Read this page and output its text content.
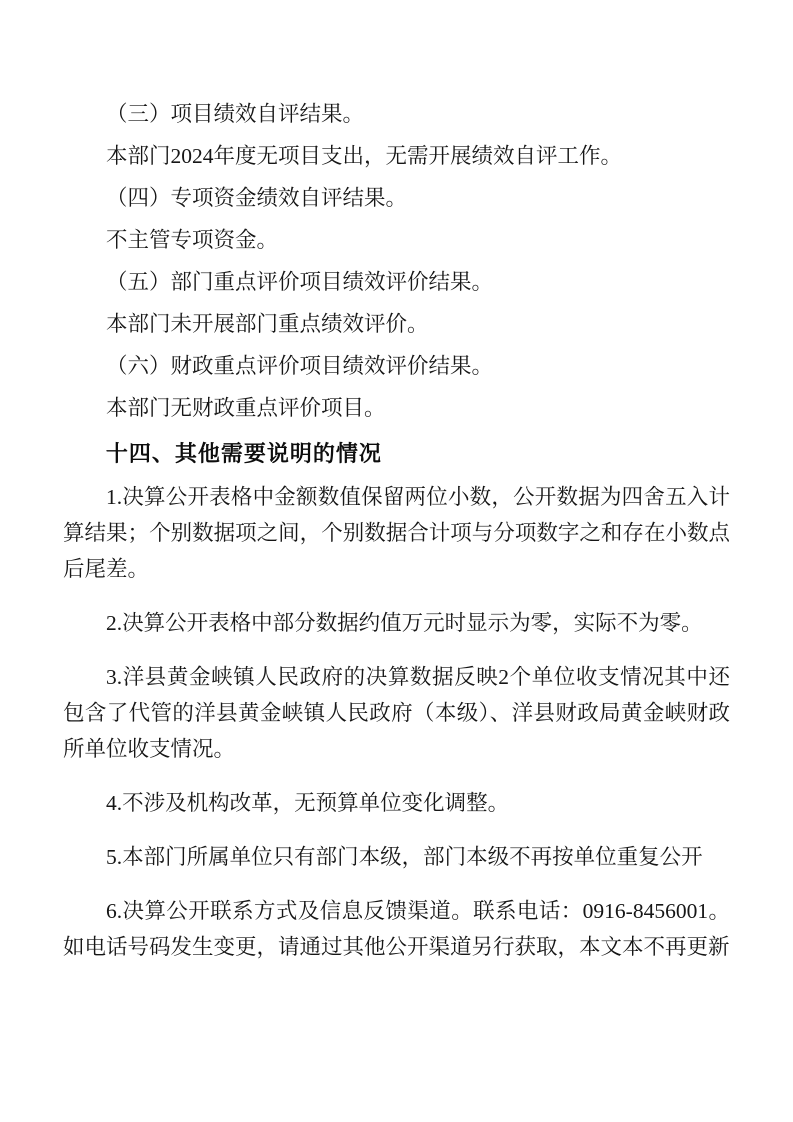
（三）项目绩效自评结果。

本部门2024年度无项目支出，无需开展绩效自评工作。

（四）专项资金绩效自评结果。

不主管专项资金。

（五）部门重点评价项目绩效评价结果。

本部门未开展部门重点绩效评价。

（六）财政重点评价项目绩效评价结果。

本部门无财政重点评价项目。

十四、其他需要说明的情况

1.决算公开表格中金额数值保留两位小数，公开数据为四舍五入计算结果；个别数据项之间，个别数据合计项与分项数字之和存在小数点后尾差。

2.决算公开表格中部分数据约值万元时显示为零，实际不为零。

3.洋县黄金峡镇人民政府的决算数据反映2个单位收支情况其中还包含了代管的洋县黄金峡镇人民政府（本级）、洋县财政局黄金峡财政所单位收支情况。

4.不涉及机构改革，无预算单位变化调整。

5.本部门所属单位只有部门本级，部门本级不再按单位重复公开

6.决算公开联系方式及信息反馈渠道。联系电话：0916-8456001。如电话号码发生变更，请通过其他公开渠道另行获取，本文本不再更新
